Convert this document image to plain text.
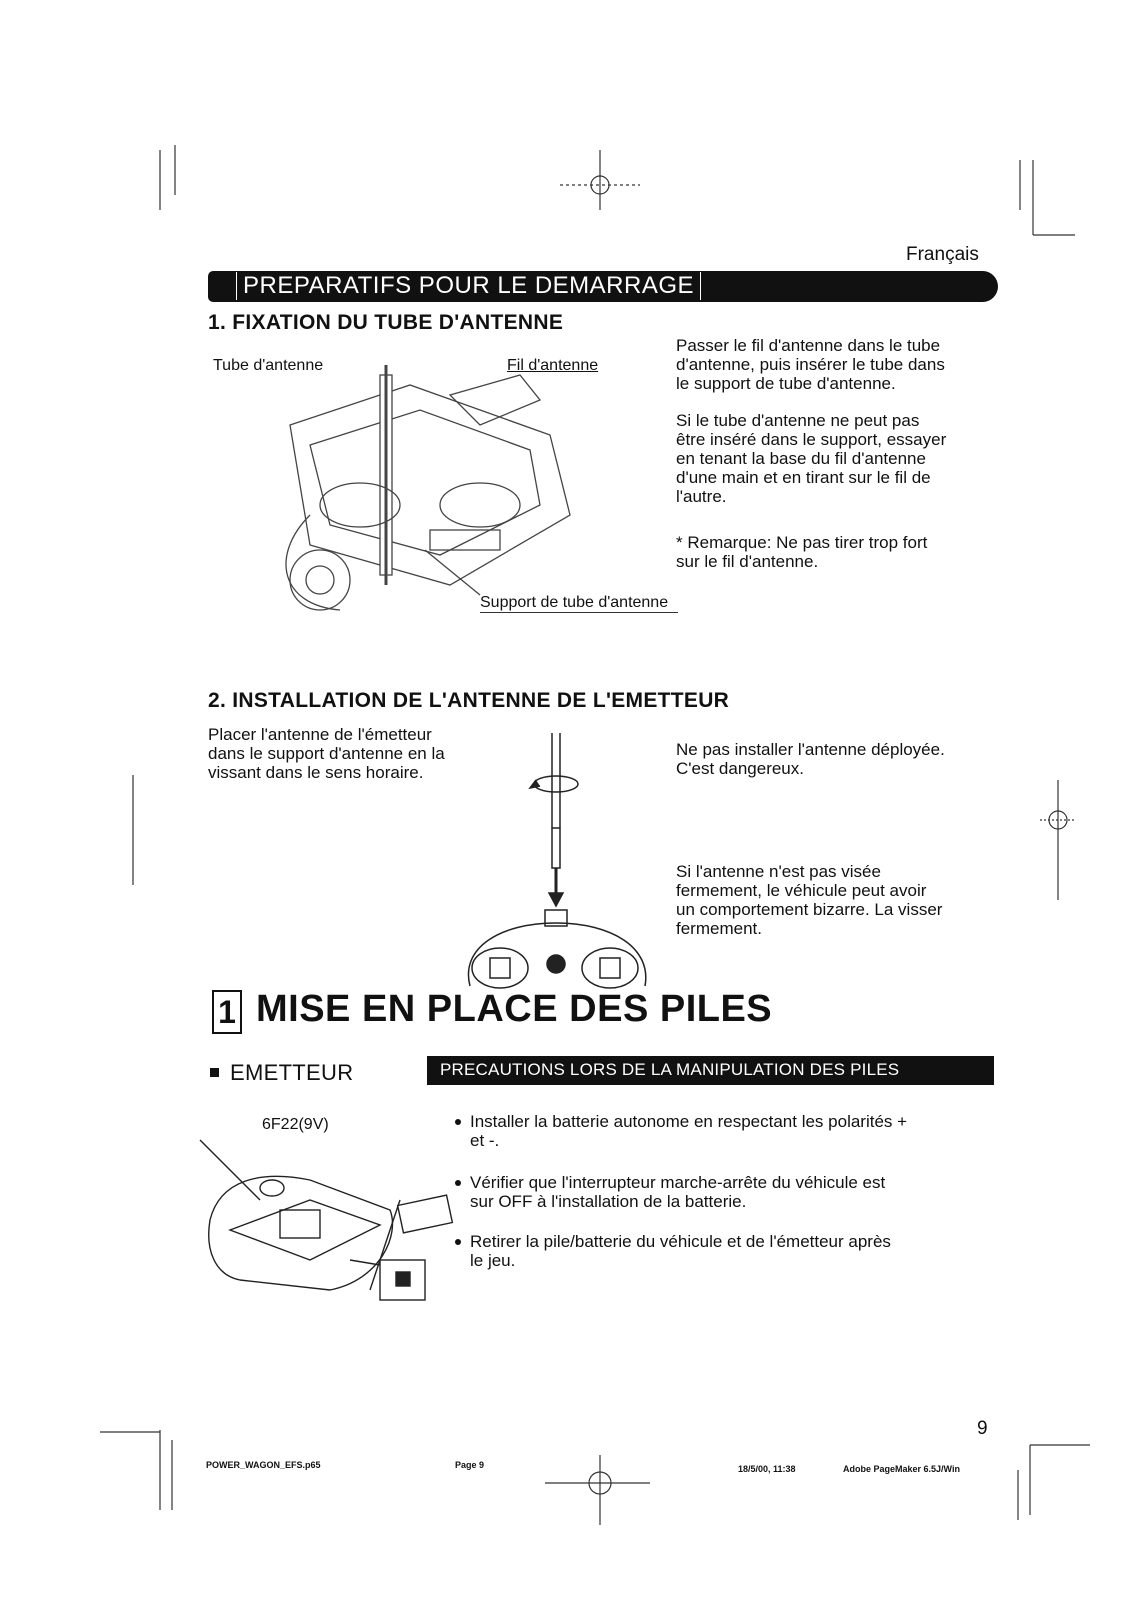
Français
PREPARATIFS POUR LE DEMARRAGE
1. FIXATION DU TUBE D'ANTENNE
Tube d'antenne	Fil d'antenne
Support de tube d'antenne
Passer le fil d'antenne dans le tube
d'antenne, puis insérer le tube dans
le support de tube d'antenne.
Si le tube d'antenne ne peut pas
être inséré dans le support, essayer
en tenant la base du fil d'antenne
d'une main et en tirant sur le fil de
l'autre.
* Remarque: Ne pas tirer trop fort
sur le fil d'antenne.
2. INSTALLATION DE L'ANTENNE DE L'EMETTEUR
Placer l'antenne de l'émetteur
dans le support d'antenne en la
vissant dans le sens horaire.
Ne pas installer l'antenne déployée.
C'est dangereux.
Si l'antenne n'est pas visée
fermement, le véhicule peut avoir
un comportement bizarre. La visser
fermement.
1 MISE EN PLACE DES PILES
EMETTEUR	PRECAUTIONS LORS DE LA MANIPULATION DES PILES
6F22(9V)	Installer la batterie autonome en respectant les polarités +
et -.
Vérifier que l'interrupteur marche-arrête du véhicule est
sur OFF à l'installation de la batterie.
Retirer la pile/batterie du véhicule et de l'émetteur après
le jeu.
9
POWER_WAGON_EFS.p65	Page 9	18/5/00, 11:38	Adobe PageMaker 6.5J/Win
